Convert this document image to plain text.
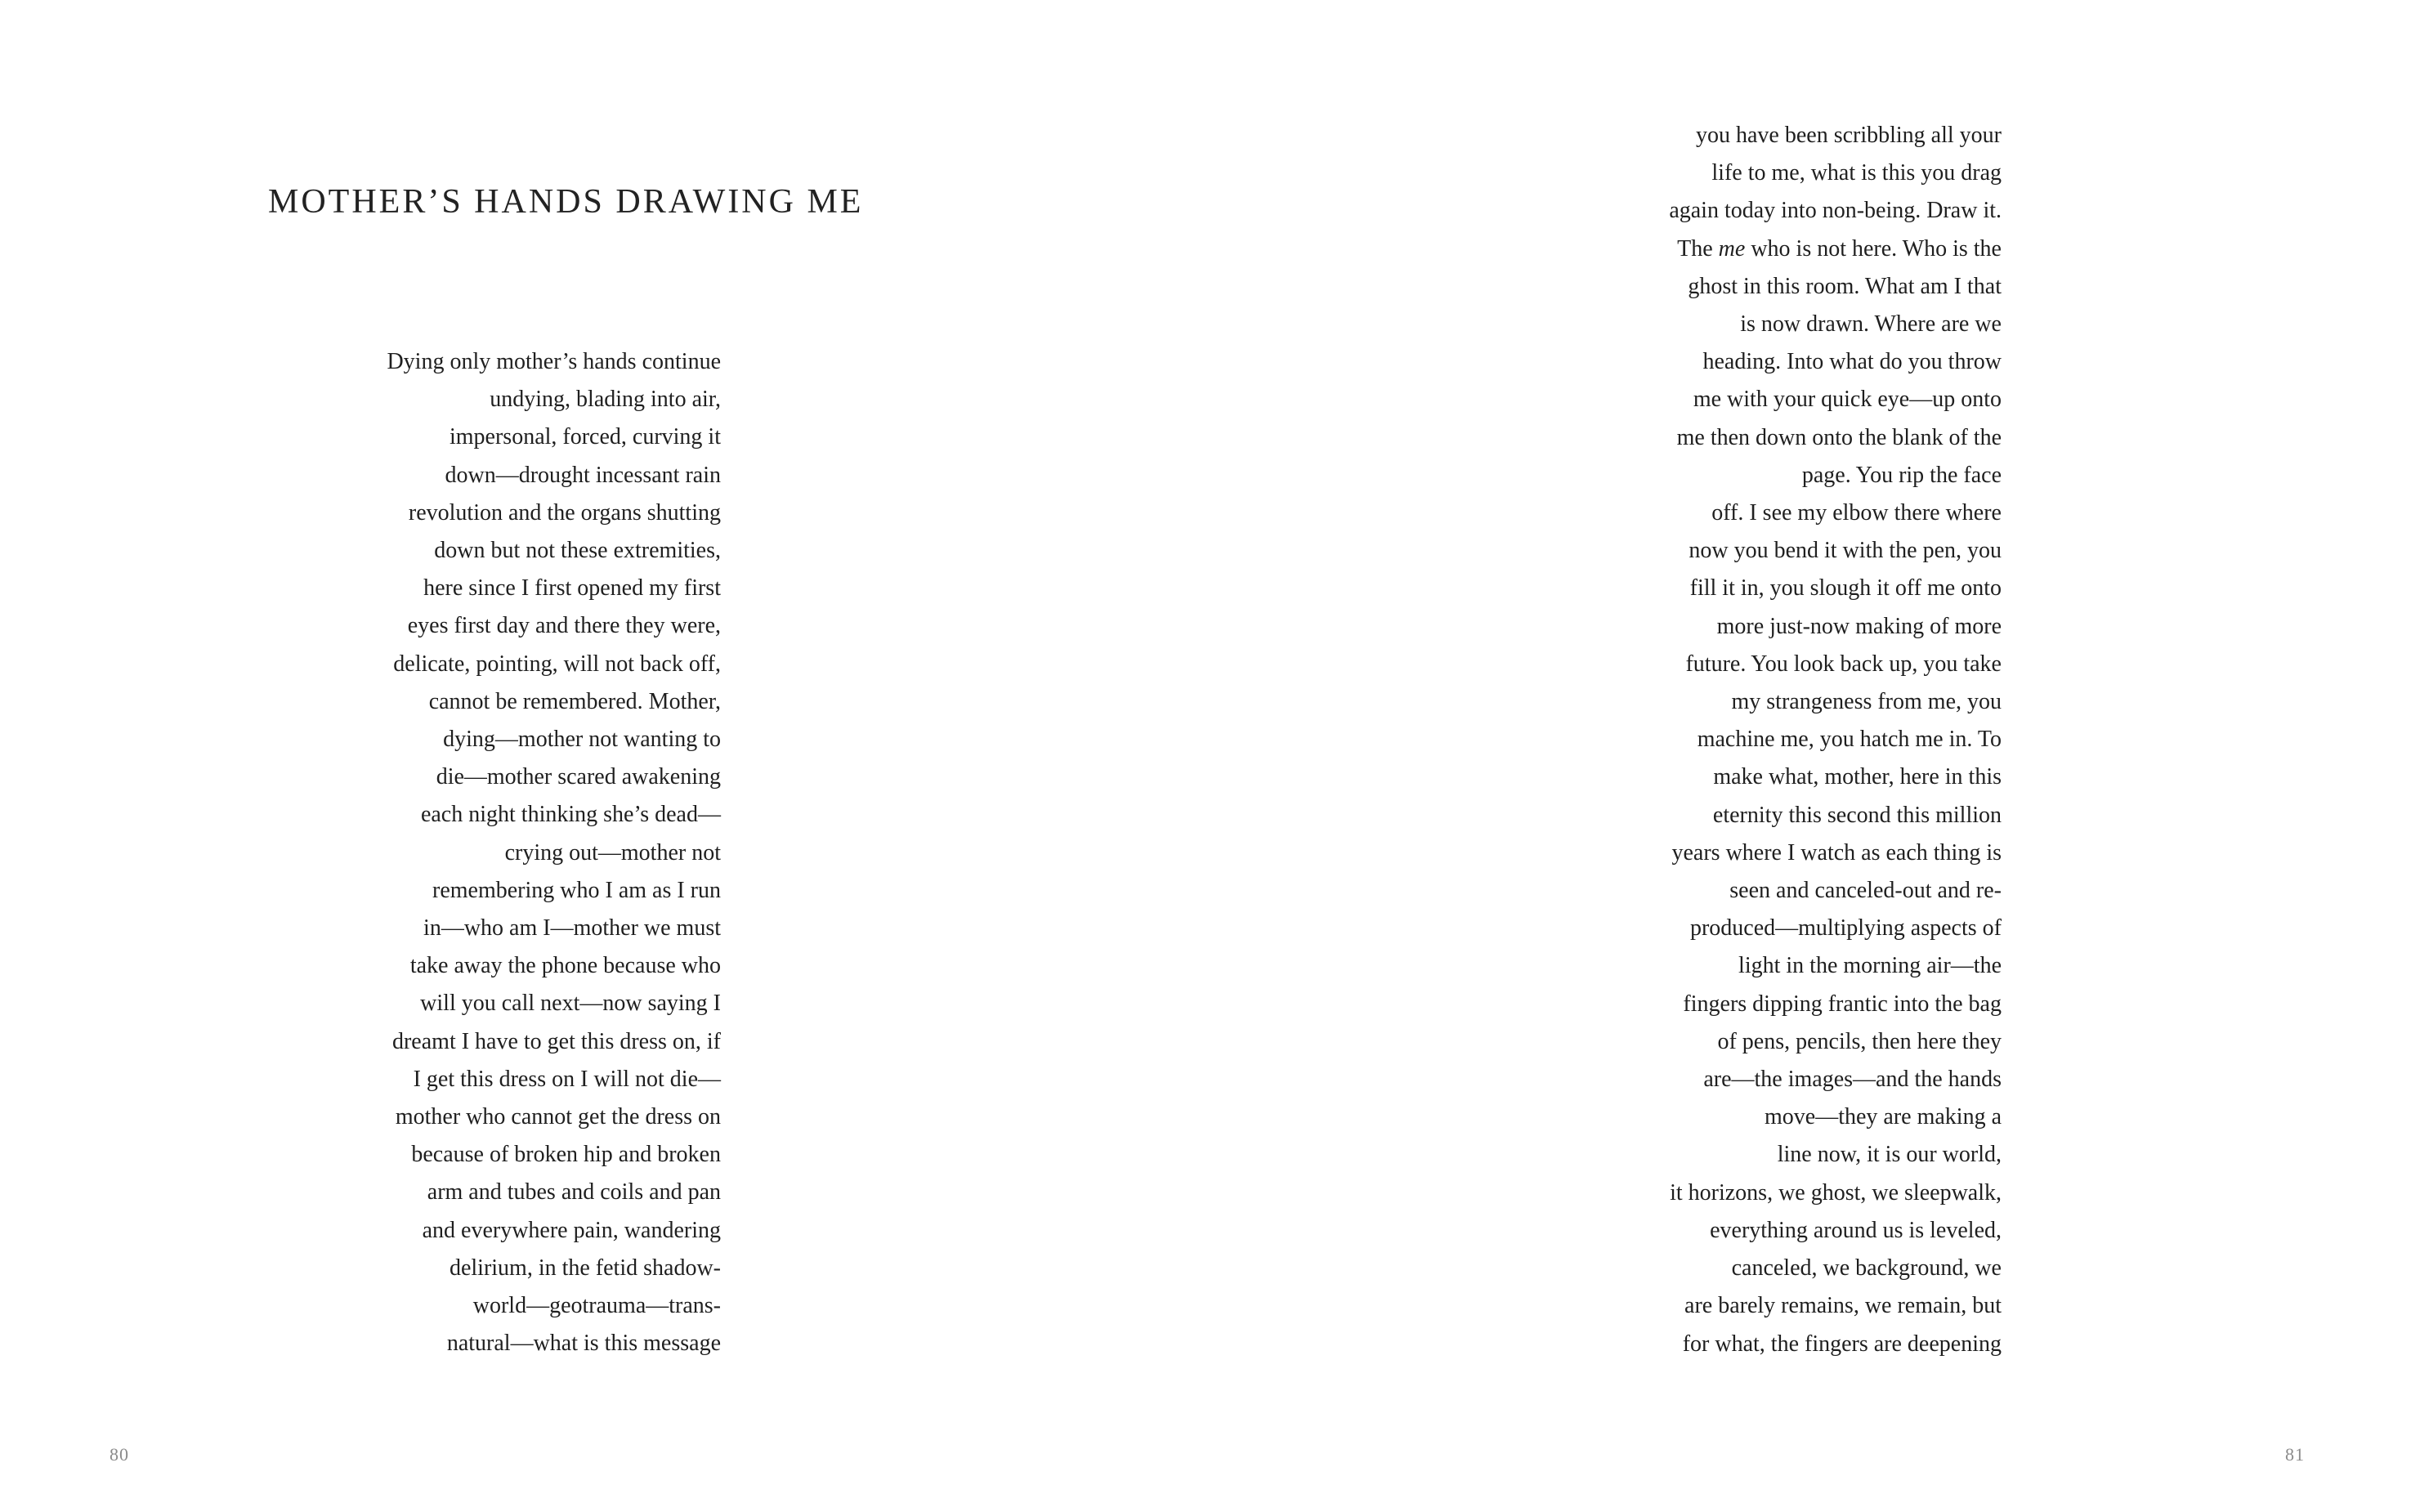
MOTHER’S HANDS DRAWING ME
Dying only mother’s hands continue
undying, blading into air,
impersonal, forced, curving it
down—drought incessant rain
revolution and the organs shutting
down but not these extremities,
here since I first opened my first
eyes first day and there they were,
delicate, pointing, will not back off,
cannot be remembered. Mother,
dying—mother not wanting to
die—mother scared awakening
each night thinking she’s dead—
crying out—mother not
remembering who I am as I run
in—who am I—mother we must
take away the phone because who
will you call next—now saying I
dreamt I have to get this dress on, if
I get this dress on I will not die—
mother who cannot get the dress on
because of broken hip and broken
arm and tubes and coils and pan
and everywhere pain, wandering
delirium, in the fetid shadow-
world—geotrauma—trans-
natural—what is this message
80
you have been scribbling all your
life to me, what is this you drag
again today into non-being. Draw it.
The me who is not here. Who is the
ghost in this room. What am I that
is now drawn. Where are we
heading. Into what do you throw
me with your quick eye—up onto
me then down onto the blank of the
page. You rip the face
off. I see my elbow there where
now you bend it with the pen, you
fill it in, you slough it off me onto
more just-now making of more
future. You look back up, you take
my strangeness from me, you
machine me, you hatch me in. To
make what, mother, here in this
eternity this second this million
years where I watch as each thing is
seen and canceled-out and re-
produced—multiplying aspects of
light in the morning air—the
fingers dipping frantic into the bag
of pens, pencils, then here they
are—the images—and the hands
move—they are making a
line now, it is our world,
it horizons, we ghost, we sleepwalk,
everything around us is leveled,
canceled, we background, we
are barely remains, we remain, but
for what, the fingers are deepening
81
